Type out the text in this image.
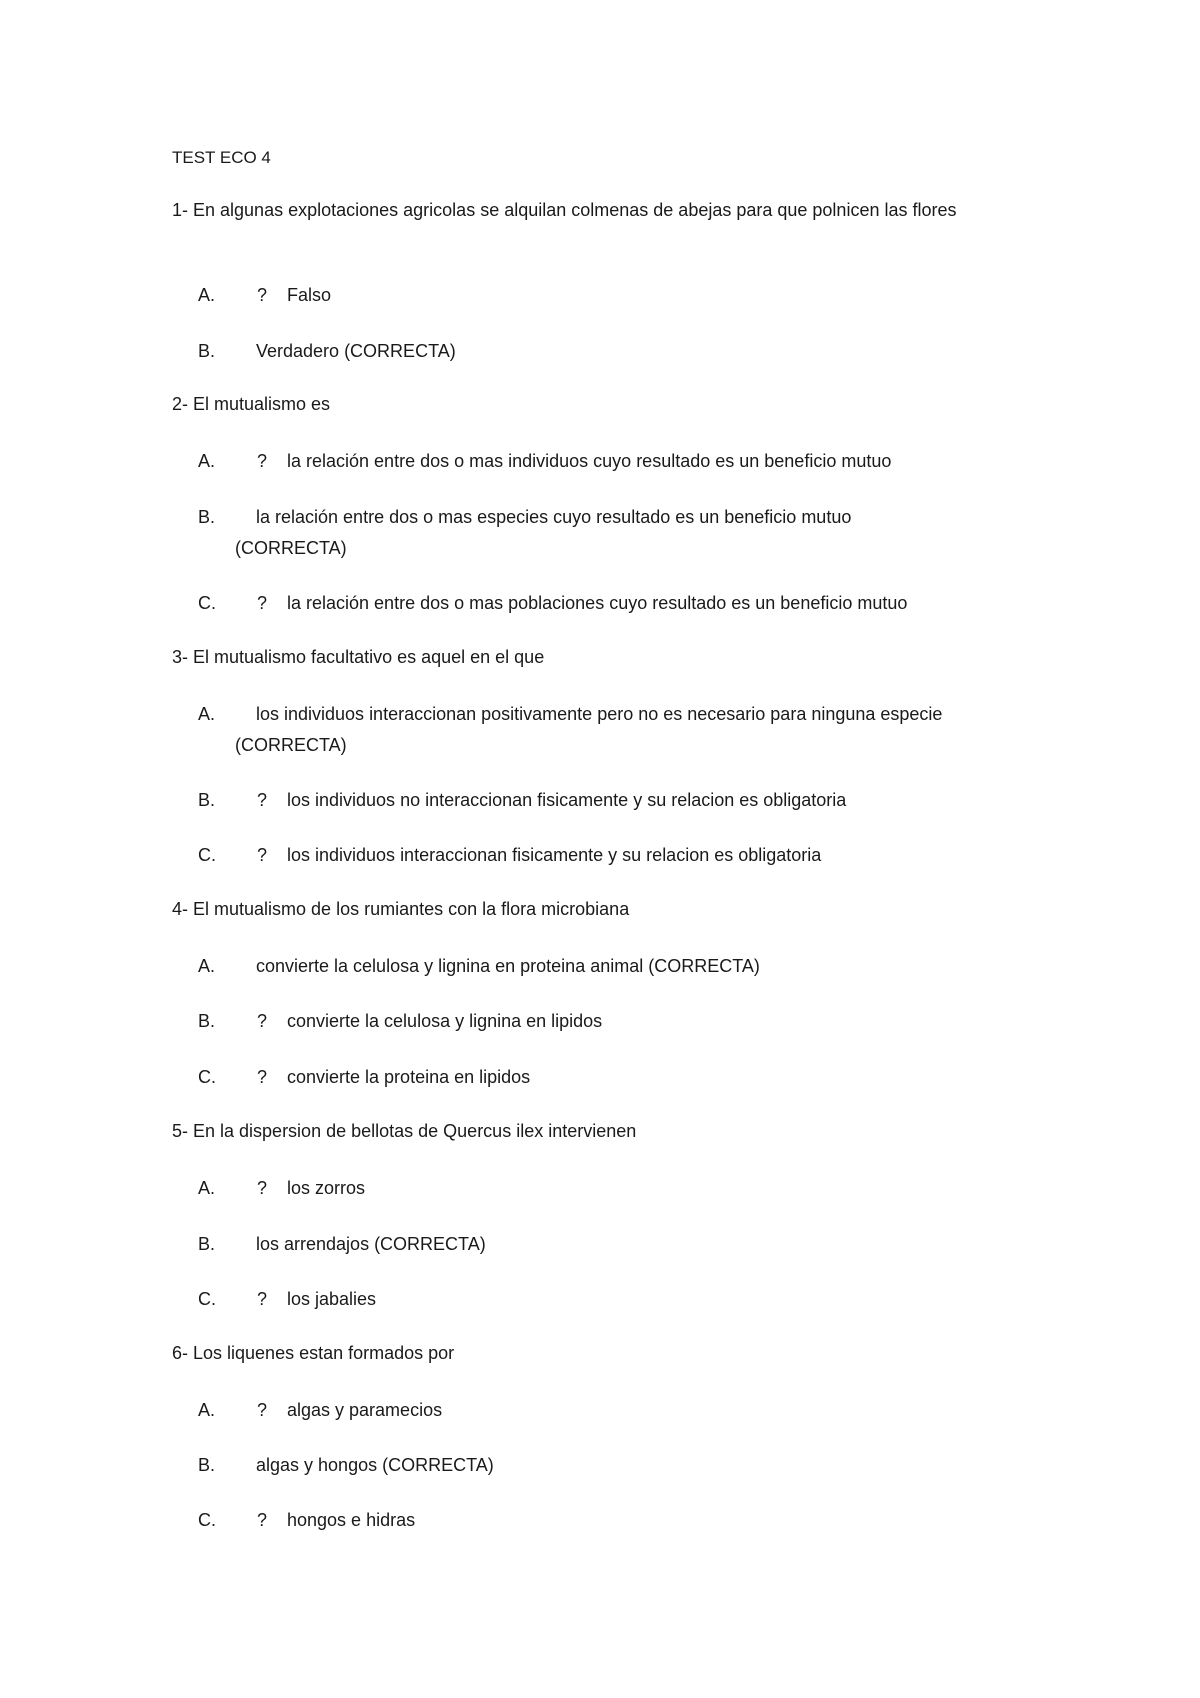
TEST ECO 4
1- En algunas explotaciones agricolas se alquilan colmenas de abejas para que polnicen las flores
A.	? Falso
B.	Verdadero (CORRECTA)
2- El mutualismo es
A.	? la relación entre dos o mas individuos cuyo resultado es un beneficio mutuo
B.	la relación entre dos o mas especies cuyo resultado es un beneficio mutuo
(CORRECTA)
C.	? la relación entre dos o mas poblaciones cuyo resultado es un beneficio mutuo
3- El mutualismo facultativo es aquel en el que
A.	los individuos interaccionan positivamente pero no es necesario para ninguna especie
(CORRECTA)
B.	? los individuos no interaccionan fisicamente y su relacion es obligatoria
C.	? los individuos interaccionan fisicamente y su relacion es obligatoria
4- El mutualismo de los rumiantes con la flora microbiana
A.	convierte la celulosa y lignina en proteina animal (CORRECTA)
B.	? convierte la celulosa y lignina en lipidos
C.	? convierte la proteina en lipidos
5- En la dispersion de bellotas de Quercus ilex intervienen
A.	? los zorros
B.	los arrendajos (CORRECTA)
C.	? los jabalies
6- Los liquenes estan formados por
A.	? algas y paramecios
B.	algas y hongos (CORRECTA)
C.	? hongos e hidras
